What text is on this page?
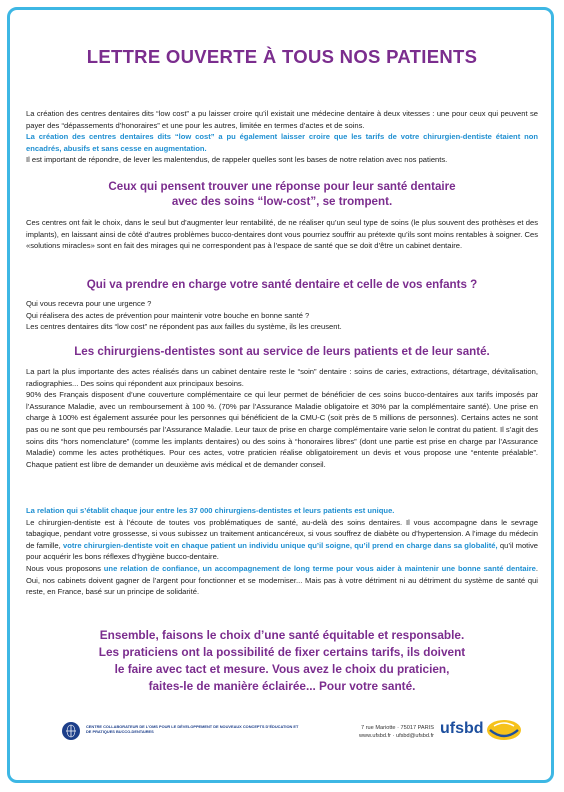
LETTRE OUVERTE À TOUS NOS PATIENTS

La création des centres dentaires dits “low cost” a pu laisser croire qu’il existait une médecine dentaire à deux vitesses : une pour ceux qui peuvent se payer des “dépassements d’honoraires” et une pour les autres, limitée en termes d’actes et de soins.

La création des centres dentaires dits “low cost” a pu également laisser croire que les tarifs de votre chirurgien-dentiste étaient non encadrés, abusifs et sans cesse en augmentation.

Il est important de répondre, de lever les malentendus, de rappeler quelles sont les bases de notre relation avec nos patients.

Ceux qui pensent trouver une réponse pour leur santé dentaire
avec des soins “low-cost”, se trompent.

Ces centres ont fait le choix, dans le seul but d’augmenter leur rentabilité, de ne réaliser qu’un seul type de soins (le plus souvent des prothèses et des implants), en laissant ainsi de côté d’autres problèmes bucco-dentaires dont vous pourriez souffrir au prétexte qu’ils sont moins rentables à soigner. Ces «solutions miracles» sont en fait des mirages qui ne correspondent pas à l’espace de santé que se doit d’être un cabinet dentaire.

Qui va prendre en charge votre santé dentaire et celle de vos enfants ?

Qui vous recevra pour une urgence ?

Qui réalisera des actes de prévention pour maintenir votre bouche en bonne santé ?

Les centres dentaires dits “low cost” ne répondent pas aux failles du système, ils les creusent.

Les chirurgiens-dentistes sont au service de leurs patients et de leur santé.

La part la plus importante des actes réalisés dans un cabinet dentaire reste le “soin” dentaire : soins de caries, extractions, détartrage, dévitalisation, radiographies... Des soins qui répondent aux principaux besoins.

90% des Français disposent d’une couverture complémentaire ce qui leur permet de bénéficier de ces soins bucco-dentaires aux tarifs imposés par l’Assurance Maladie, avec un remboursement à 100 %. (70% par l’Assurance Maladie obligatoire et 30% par la complémentaire santé). Une prise en charge à 100% est également assurée pour les personnes qui bénéficient de la CMU-C (soit près de 5 millions de personnes). Certains actes ne sont pas ou ne sont que peu remboursés par l’Assurance Maladie. Leur taux de prise en charge complémentaire varie selon le contrat du patient. Il s’agit des soins dits “hors nomenclature” (comme les implants dentaires) ou des soins à “honoraires libres” (dont une partie est prise en charge par l’Assurance Maladie) comme les actes prothétiques. Pour ces actes, votre praticien réalise obligatoirement un devis et vous propose une “entente préalable”. Chaque patient est libre de demander un deuxième avis médical et de demander conseil.

La relation qui s’établit chaque jour entre les 37 000 chirurgiens-dentistes et leurs patients est unique.

Le chirurgien-dentiste est à l’écoute de toutes vos problématiques de santé, au-delà des soins dentaires. Il vous accompagne dans le sevrage tabagique, pendant votre grossesse, si vous subissez un traitement anticancéreux, si vous souffrez de diabète ou d’hypertension. A l’image du médecin de famille, votre chirurgien-dentiste voit en chaque patient un individu unique qu’il soigne, qu’il prend en charge dans sa globalité, qu’il motive pour acquérir les bons réflexes d’hygiène bucco-dentaire.

Nous vous proposons une relation de confiance, un accompagnement de long terme pour vous aider à maintenir une bonne santé dentaire. Oui, nos cabinets doivent gagner de l’argent pour fonctionner et se moderniser... Mais pas à votre détriment ni au détriment du système de santé qui reste, en France, basé sur un principe de solidarité.

Ensemble, faisons le choix d’une santé équitable et responsable.
Les praticiens ont la possibilité de fixer certains tarifs, ils doivent
le faire avec tact et mesure. Vous avez le choix du praticien,
faites-le de manière éclairée... Pour votre santé.
CENTRE COLLABORATEUR DE L’OMS POUR LE DÉVELOPPEMENT DE NOUVEAUX CONCEPTS D’ÉDUCATION ET DE PRATIQUES BUCCO-DENTAIRES
7 rue Mariotte · 75017 PARIS
www.ufsbd.fr · ufsbd@ufsbd.fr ufsbd
